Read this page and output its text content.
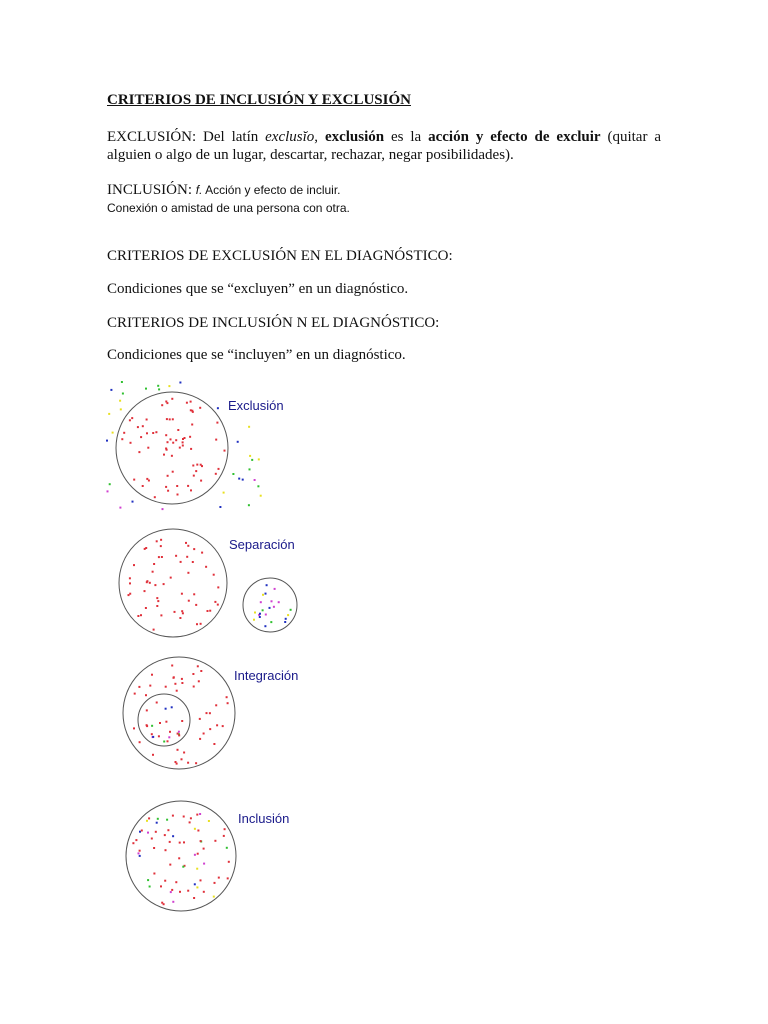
CRITERIOS DE INCLUSIÓN Y EXCLUSIÓN
EXCLUSIÓN: Del latín exclusĭo, exclusión es la acción y efecto de excluir (quitar a alguien o algo de un lugar, descartar, rechazar, negar posibilidades).
INCLUSIÓN: f. Acción y efecto de incluir.
Conexión o amistad de una persona con otra.
CRITERIOS DE EXCLUSIÓN EN EL DIAGNÓSTICO:
Condiciones que se “excluyen” en un diagnóstico.
CRITERIOS DE INCLUSIÓN N EL DIAGNÓSTICO:
Condiciones que se “incluyen” en un diagnóstico.
Exclusión
Separación
Integración
Inclusión
